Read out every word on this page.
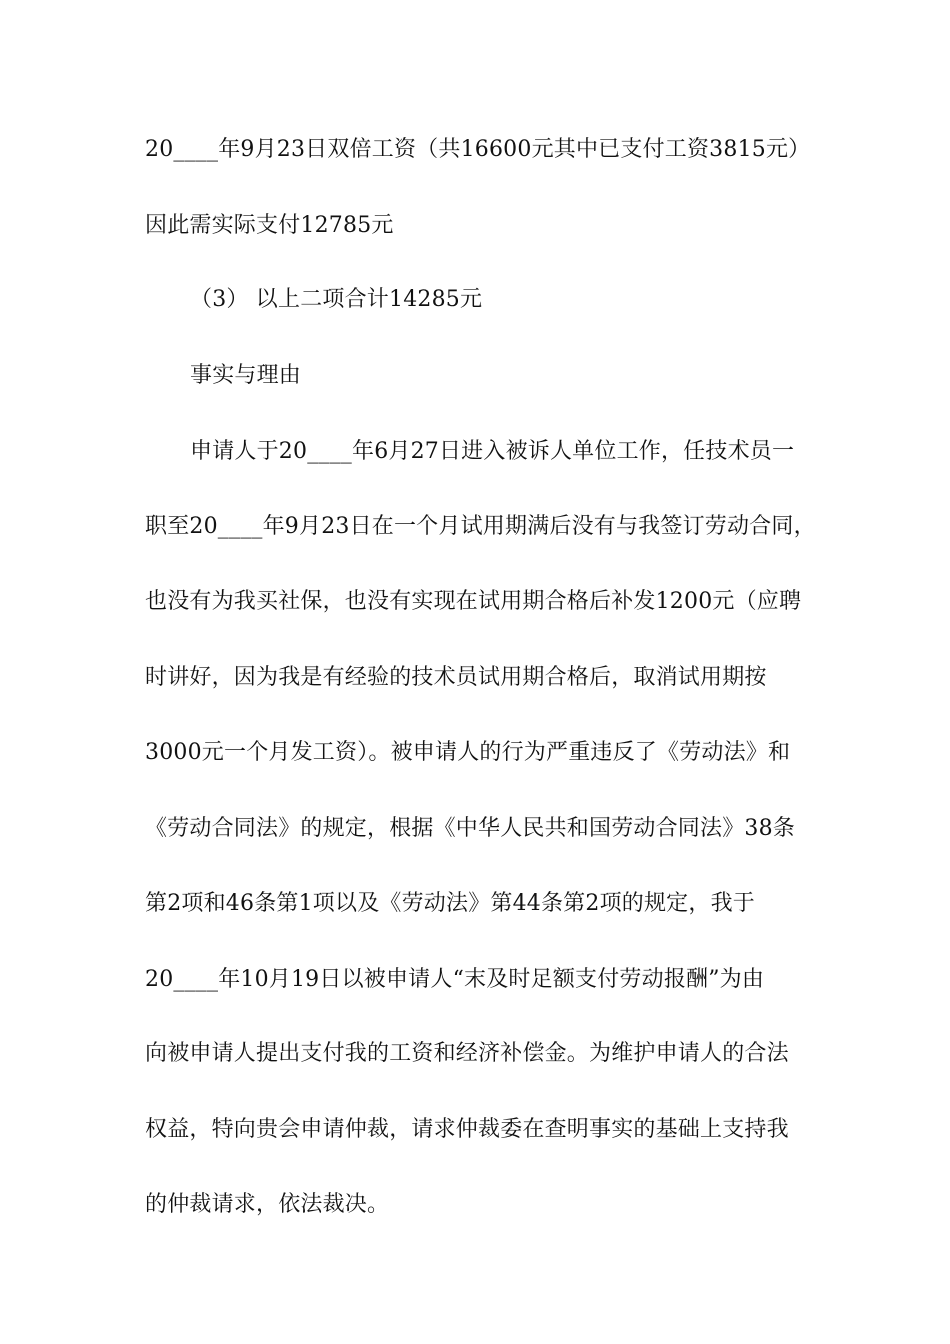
20____年9月23日双倍工资（共16600元其中已支付工资3815元）
因此需实际支付12785元
（3） 以上二项合计14285元
事实与理由
申请人于20____年6月27日进入被诉人单位工作，任技术员一
职至20____年9月23日在一个月试用期满后没有与我签订劳动合同，
也没有为我买社保，也没有实现在试用期合格后补发1200元（应聘
时讲好，因为我是有经验的技术员试用期合格后，取消试用期按
3000元一个月发工资）。被申请人的行为严重违反了《劳动法》和
《劳动合同法》的规定，根据《中华人民共和国劳动合同法》38条
第2项和46条第1项以及《劳动法》第44条第2项的规定，我于
20____年10月19日以被申请人“末及时足额支付劳动报酬”为由
向被申请人提出支付我的工资和经济补偿金。为维护申请人的合法
权益，特向贵会申请仲裁，请求仲裁委在查明事实的基础上支持我
的仲裁请求，依法裁决。
